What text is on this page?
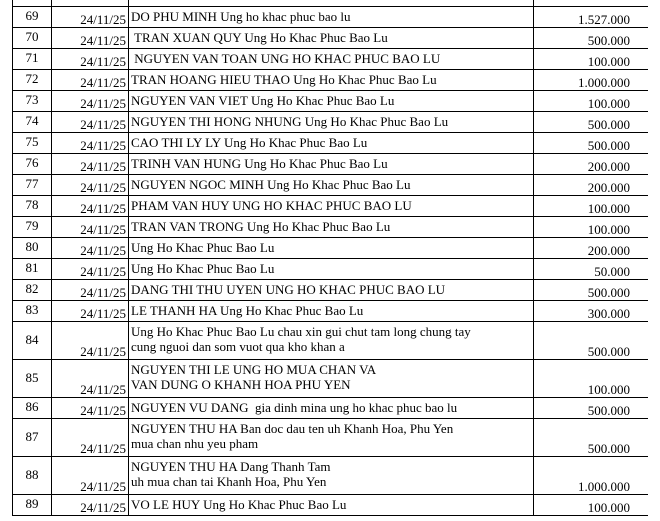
69	24/11/25	DO PHU MINH Ung ho khac phuc bao lu	1.527.000
70	24/11/25	TRAN XUAN QUY Ung Ho Khac Phuc Bao Lu	500.000
71	24/11/25	NGUYEN VAN TOAN UNG HO KHAC PHUC BAO LU	100.000
72	24/11/25	TRAN HOANG HIEU THAO Ung Ho Khac Phuc Bao Lu	1.000.000
73	24/11/25	NGUYEN VAN VIET Ung Ho Khac Phuc Bao Lu	100.000
74	24/11/25	NGUYEN THI HONG NHUNG Ung Ho Khac Phuc Bao Lu	500.000
75	24/11/25	CAO THI LY LY Ung Ho Khac Phuc Bao Lu	500.000
76	24/11/25	TRINH VAN HUNG Ung Ho Khac Phuc Bao Lu	200.000
77	24/11/25	NGUYEN NGOC MINH Ung Ho Khac Phuc Bao Lu	200.000
78	24/11/25	PHAM VAN HUY UNG HO KHAC PHUC BAO LU	100.000
79	24/11/25	TRAN VAN TRONG Ung Ho Khac Phuc Bao Lu	100.000
80	24/11/25	Ung Ho Khac Phuc Bao Lu	200.000
81	24/11/25	Ung Ho Khac Phuc Bao Lu	50.000
82	24/11/25	DANG THI THU UYEN UNG HO KHAC PHUC BAO LU	500.000
83	24/11/25	LE THANH HA Ung Ho Khac Phuc Bao Lu	300.000
84	24/11/25	Ung Ho Khac Phuc Bao Lu chau xin gui chut tam long chung tay
cung nguoi dan som vuot qua kho khan a	500.000
85	24/11/25	NGUYEN THI LE UNG HO MUA CHAN VA
VAN DUNG O KHANH HOA PHU YEN	100.000
86	24/11/25	NGUYEN VU DANG  gia dinh mina ung ho khac phuc bao lu	500.000
87	24/11/25	NGUYEN THU HA Ban doc dau ten uh Khanh Hoa, Phu Yen
mua chan nhu yeu pham	500.000
88	24/11/25	NGUYEN THU HA Dang Thanh Tam
uh mua chan tai Khanh Hoa, Phu Yen	1.000.000
89	24/11/25	VO LE HUY Ung Ho Khac Phuc Bao Lu	100.000
